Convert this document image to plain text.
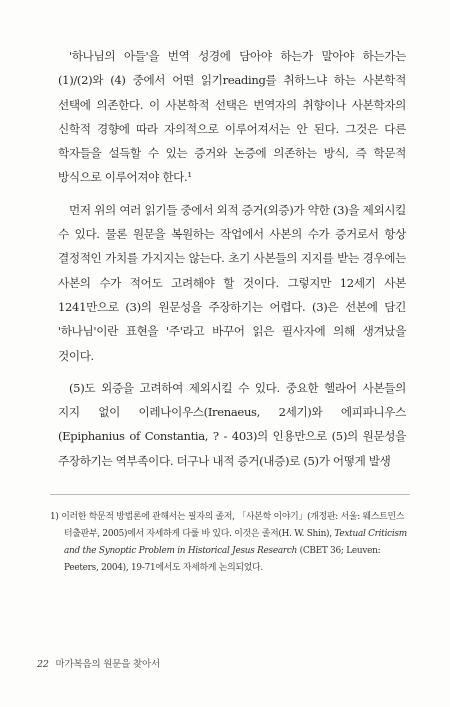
'하나님의 아들'을 번역 성경에 담아야 하는가 말아야 하는가는 (1)/(2)와 (4) 중에서 어떤 읽기reading를 취하느냐 하는 사본학적 선택에 의존한다. 이 사본학적 선택은 번역자의 취향이나 사본학자의 신학적 경향에 따라 자의적으로 이루어져서는 안 된다. 그것은 다른 학자들을 설득할 수 있는 증거와 논증에 의존하는 방식, 즉 학문적 방식으로 이루어져야 한다.¹

먼저 위의 여러 읽기들 중에서 외적 증거(외증)가 약한 (3)을 제외시킬 수 있다. 물론 원문을 복원하는 작업에서 사본의 수가 증거로서 항상 결정적인 가치를 가지지는 않는다. 초기 사본들의 지지를 받는 경우에는 사본의 수가 적어도 고려해야 할 것이다. 그렇지만 12세기 사본 1241만으로 (3)의 원문성을 주장하기는 어렵다. (3)은 선본에 담긴 '하나님'이란 표현을 '주'라고 바꾸어 읽은 필사자에 의해 생겨났을 것이다.

(5)도 외증을 고려하여 제외시킬 수 있다. 중요한 헬라어 사본들의 지지 없이 이레나이우스(Irenaeus, 2세기)와 에피파니우스(Epiphanius of Constantia, ? - 403)의 인용만으로 (5)의 원문성을 주장하기는 역부족이다. 더구나 내적 증거(내증)로 (5)가 어떻게 발생

1) 이러한 학문적 방법론에 관해서는 필자의 졸저, 「사본학 이야기」(개정판: 서울: 웨스트민스터출판부, 2005)에서 자세하게 다룰 바 있다. 이것은 졸저(H. W. Shin), Textual Criticism and the Synoptic Problem in Historical Jesus Research (CBET 36; Leuven: Peeters, 2004), 19-71에서도 자세하게 논의되었다.

22 마가복음의 원문을 찾아서
